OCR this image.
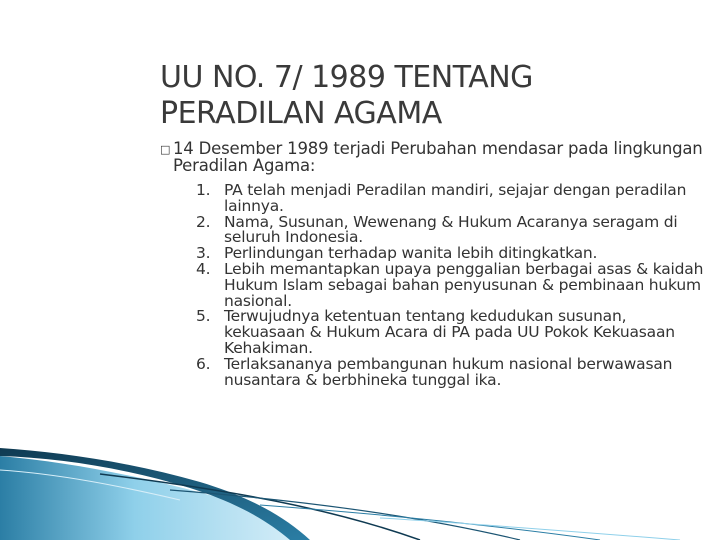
UU NO. 7/ 1989 TENTANG
PERADILAN AGAMA
□ 14 Desember 1989 terjadi Perubahan mendasar pada lingkungan Peradilan Agama:
1. PA telah menjadi Peradilan mandiri, sejajar dengan peradilan lainnya.
2. Nama, Susunan, Wewenang & Hukum Acaranya seragam di seluruh Indonesia.
3. Perlindungan terhadap wanita lebih ditingkatkan.
4. Lebih memantapkan upaya penggalian berbagai asas & kaidah Hukum Islam sebagai bahan penyusunan & pembinaan hukum nasional.
5. Terwujudnya ketentuan tentang kedudukan susunan, kekuasaan & Hukum Acara di PA pada UU Pokok Kekuasaan Kehakiman.
6. Terlaksananya pembangunan hukum nasional berwawasan nusantara & berbhineka tunggal ika.
